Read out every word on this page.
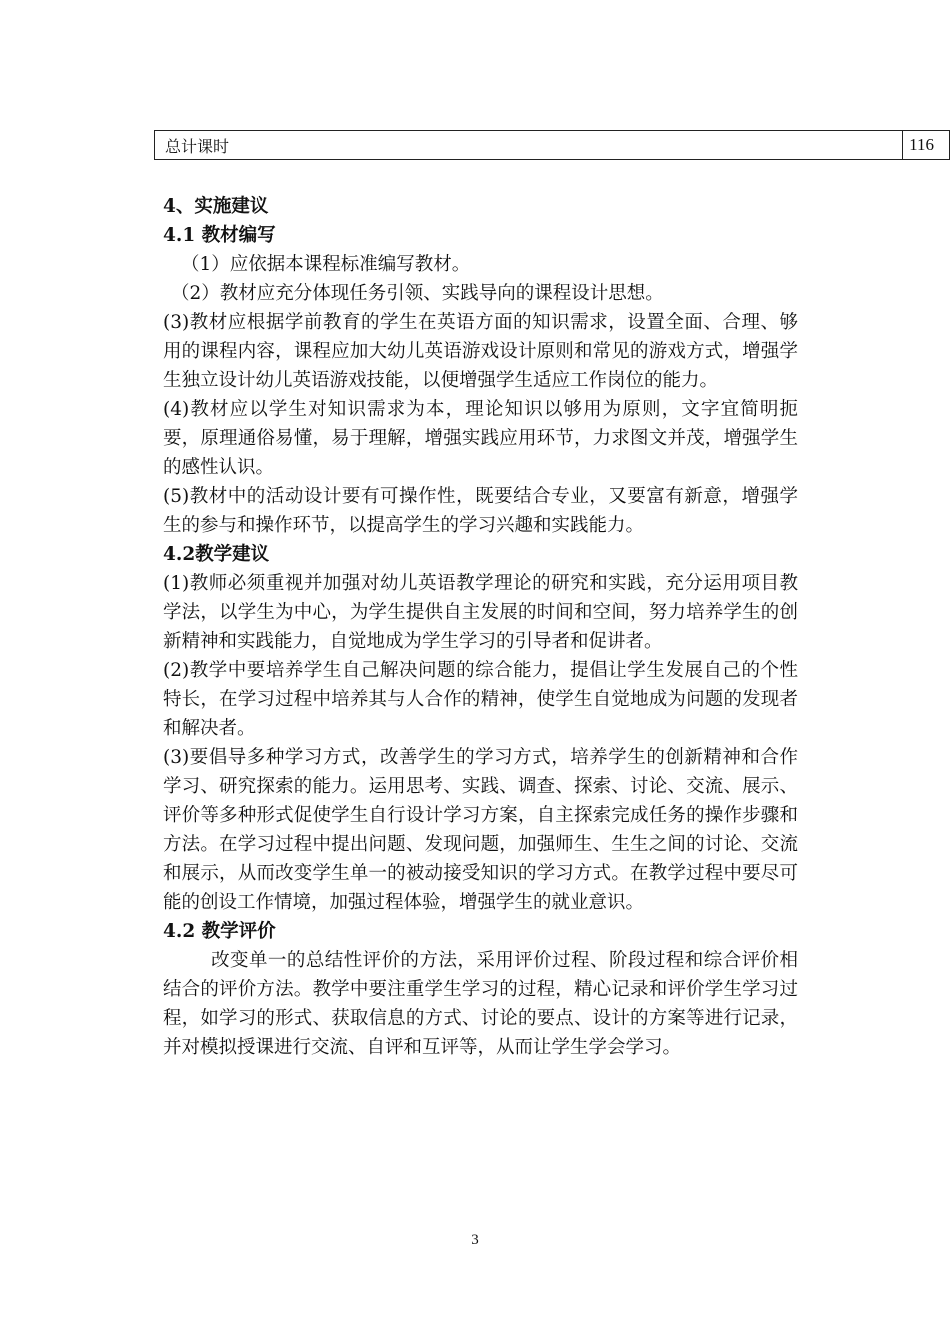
总计课时	116

4、实施建议

4.1 教材编写

（1）应依据本课程标准编写教材。

（2）教材应充分体现任务引领、实践导向的课程设计思想。

(3)教材应根据学前教育的学生在英语方面的知识需求，设置全面、合理、够用的课程内容，课程应加大幼儿英语游戏设计原则和常见的游戏方式，增强学生独立设计幼儿英语游戏技能，以便增强学生适应工作岗位的能力。

(4)教材应以学生对知识需求为本，理论知识以够用为原则，文字宜简明扼要，原理通俗易懂，易于理解，增强实践应用环节，力求图文并茂，增强学生的感性认识。

(5)教材中的活动设计要有可操作性，既要结合专业，又要富有新意，增强学生的参与和操作环节，以提高学生的学习兴趣和实践能力。

4.2教学建议

(1)教师必须重视并加强对幼儿英语教学理论的研究和实践，充分运用项目教学法，以学生为中心，为学生提供自主发展的时间和空间，努力培养学生的创新精神和实践能力，自觉地成为学生学习的引导者和促讲者。

(2)教学中要培养学生自己解决问题的综合能力，提倡让学生发展自己的个性特长，在学习过程中培养其与人合作的精神，使学生自觉地成为问题的发现者和解决者。

(3)要倡导多种学习方式，改善学生的学习方式，培养学生的创新精神和合作学习、研究探索的能力。运用思考、实践、调查、探索、讨论、交流、展示、评价等多种形式促使学生自行设计学习方案，自主探索完成任务的操作步骤和方法。在学习过程中提出问题、发现问题，加强师生、生生之间的讨论、交流和展示，从而改变学生单一的被动接受知识的学习方式。在教学过程中要尽可能的创设工作情境，加强过程体验，增强学生的就业意识。

4.2 教学评价

改变单一的总结性评价的方法，采用评价过程、阶段过程和综合评价相结合的评价方法。教学中要注重学生学习的过程，精心记录和评价学生学习过程，如学习的形式、获取信息的方式、讨论的要点、设计的方案等进行记录，并对模拟授课进行交流、自评和互评等，从而让学生学会学习。

3
